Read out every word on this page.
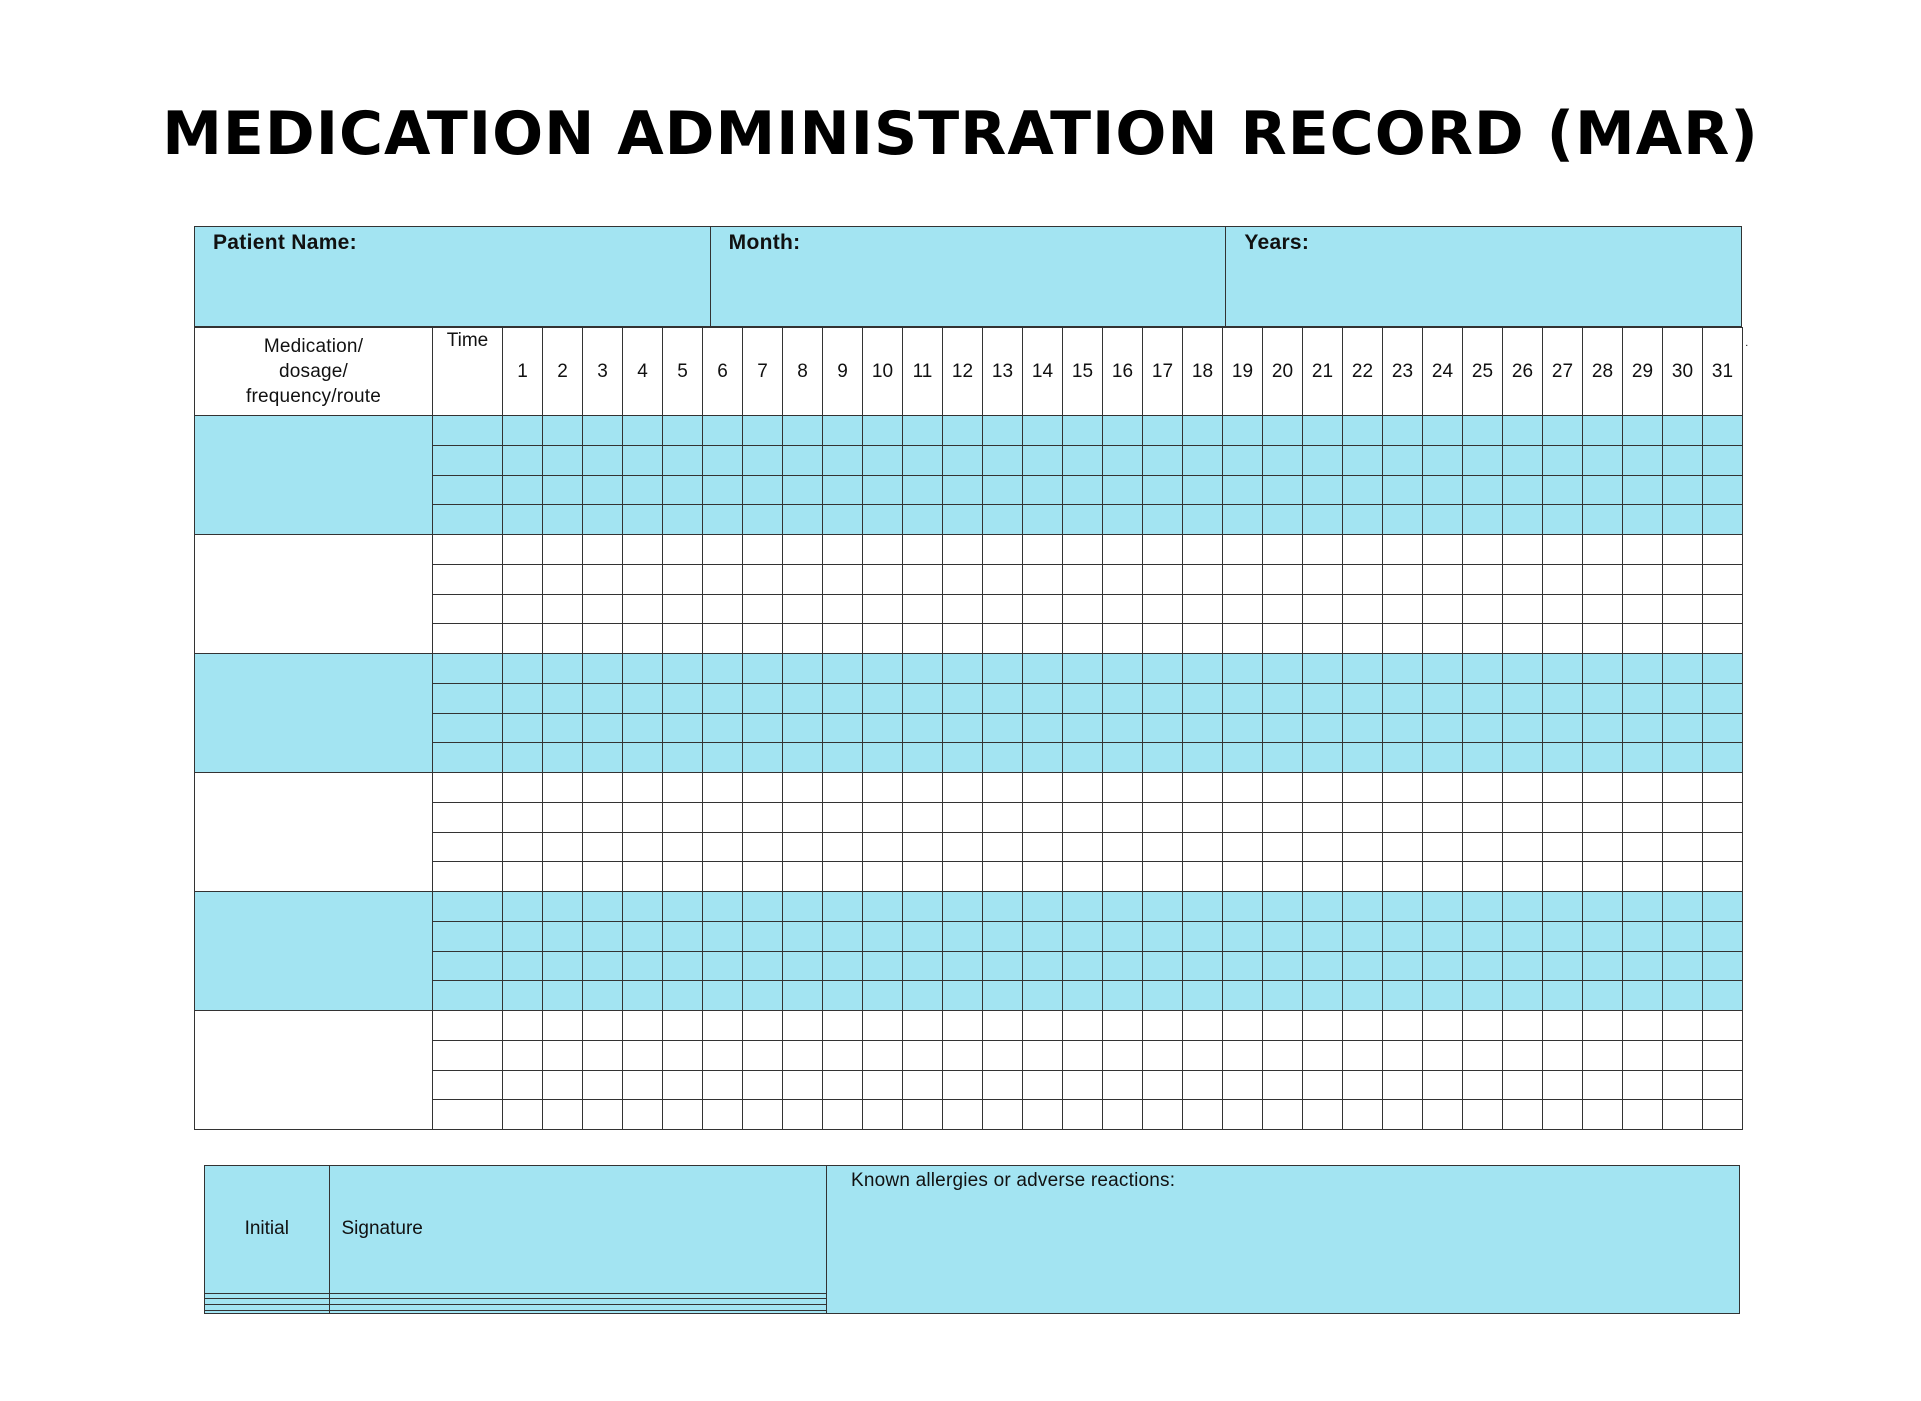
MEDICATION ADMINISTRATION RECORD (MAR)
Patient Name:	Month:	Years:
Medication/
dosage/
frequency/route	Time	1	2	3	4	5	6	7	8	9	10	11	12	13	14	15	16	17	18	19	20	21	22	23	24	25	26	27	28	29	30	31

˙
Initial	Signature

Known allergies or adverse reactions:
